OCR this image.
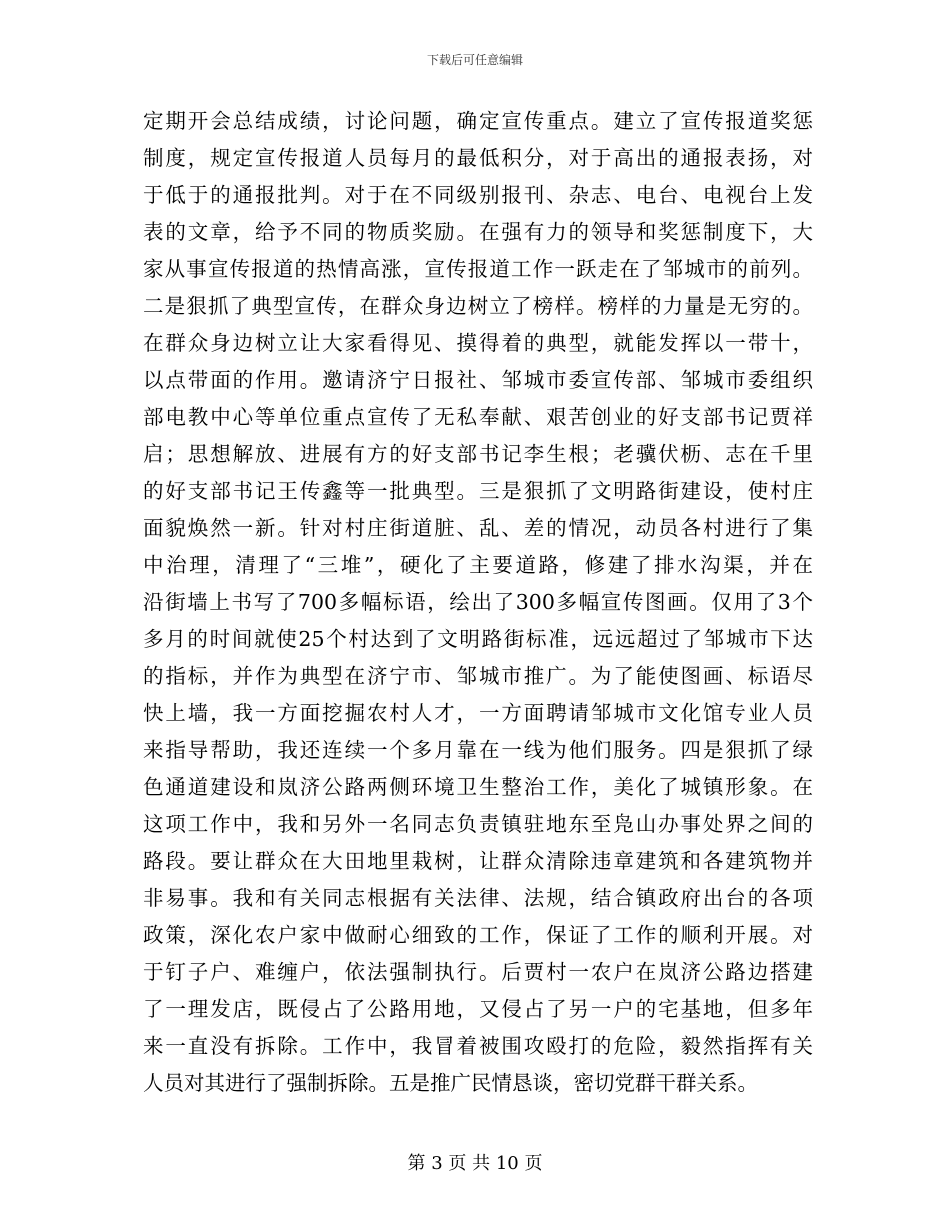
下载后可任意编辑
定期开会总结成绩，讨论问题，确定宣传重点。建立了宣传报道奖惩
制度，规定宣传报道人员每月的最低积分，对于高出的通报表扬，对
于低于的通报批判。对于在不同级别报刊、杂志、电台、电视台上发
表的文章，给予不同的物质奖励。在强有力的领导和奖惩制度下，大
家从事宣传报道的热情高涨，宣传报道工作一跃走在了邹城市的前列。
二是狠抓了典型宣传，在群众身边树立了榜样。榜样的力量是无穷的。
在群众身边树立让大家看得见、摸得着的典型，就能发挥以一带十，
以点带面的作用。邀请济宁日报社、邹城市委宣传部、邹城市委组织
部电教中心等单位重点宣传了无私奉献、艰苦创业的好支部书记贾祥
启；思想解放、进展有方的好支部书记李生根；老骥伏枥、志在千里
的好支部书记王传鑫等一批典型。三是狠抓了文明路街建设，使村庄
面貌焕然一新。针对村庄街道脏、乱、差的情况，动员各村进行了集
中治理，清理了“三堆”，硬化了主要道路，修建了排水沟渠，并在
沿街墙上书写了700多幅标语，绘出了300多幅宣传图画。仅用了3个
多月的时间就使25个村达到了文明路街标准，远远超过了邹城市下达
的指标，并作为典型在济宁市、邹城市推广。为了能使图画、标语尽
快上墙，我一方面挖掘农村人才，一方面聘请邹城市文化馆专业人员
来指导帮助，我还连续一个多月靠在一线为他们服务。四是狠抓了绿
色通道建设和岚济公路两侧环境卫生整治工作，美化了城镇形象。在
这项工作中，我和另外一名同志负责镇驻地东至凫山办事处界之间的
路段。要让群众在大田地里栽树，让群众清除违章建筑和各建筑物并
非易事。我和有关同志根据有关法律、法规，结合镇政府出台的各项
政策，深化农户家中做耐心细致的工作，保证了工作的顺利开展。对
于钉子户、难缠户，依法强制执行。后贾村一农户在岚济公路边搭建
了一理发店，既侵占了公路用地，又侵占了另一户的宅基地，但多年
来一直没有拆除。工作中，我冒着被围攻殴打的危险，毅然指挥有关
人员对其进行了强制拆除。五是推广民情恳谈，密切党群干群关系。
第 3 页 共 10 页
